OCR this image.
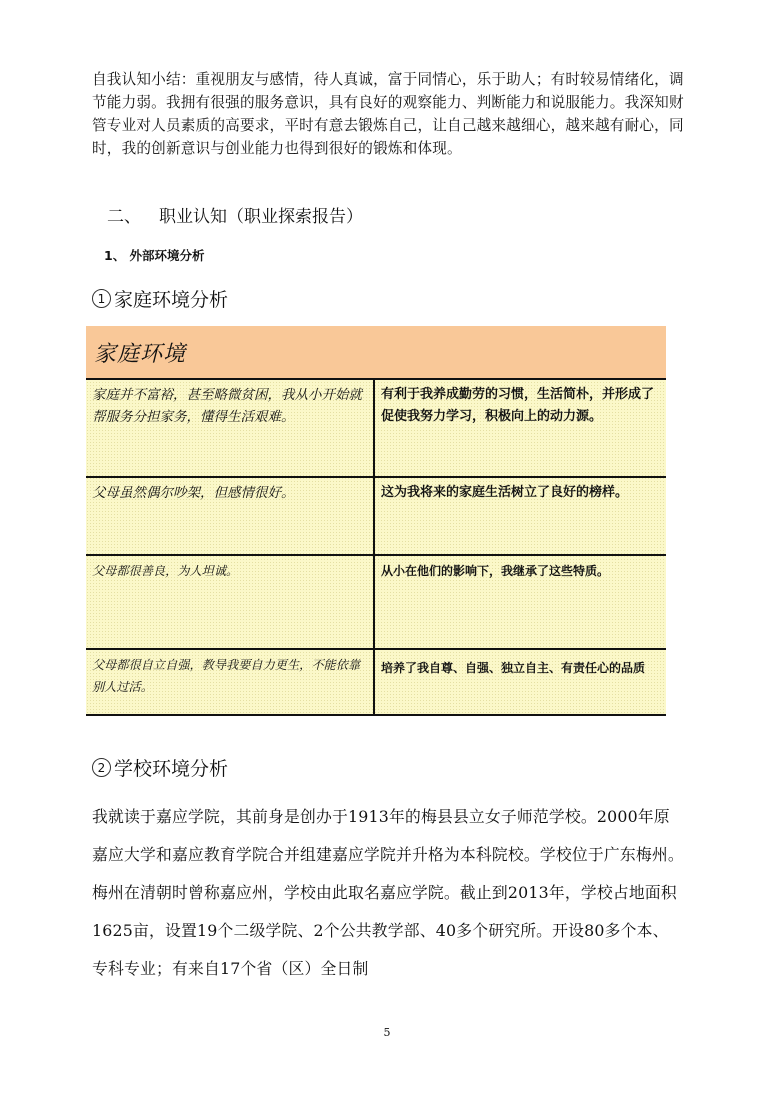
自我认知小结：重视朋友与感情，待人真诚，富于同情心，乐于助人；有时较易情绪化，调节能力弱。我拥有很强的服务意识，具有良好的观察能力、判断能力和说服能力。我深知财管专业对人员素质的高要求，平时有意去锻炼自己，让自己越来越细心，越来越有耐心，同时，我的创新意识与创业能力也得到很好的锻炼和体现。

二、 职业认知（职业探索报告）
1、 外部环境分析
1 家庭环境分析
家庭环境
家庭并不富裕，甚至略微贫困，我从小开始就帮服务分担家务，懂得生活艰难。
有利于我养成勤劳的习惯，生活简朴，并形成了促使我努力学习，积极向上的动力源。
父母虽然偶尔吵架，但感情很好。	这为我将来的家庭生活树立了良好的榜样。
父母都很善良，为人坦诚。	从小在他们的影响下，我继承了这些特质。
父母都很自立自强，教导我要自力更生，不能依靠别人过活。
培养了我自尊、自强、独立自主、有责任心的品质
2 学校环境分析

我就读于嘉应学院，其前身是创办于1913年的梅县县立女子师范学校。2000年原嘉应大学和嘉应教育学院合并组建嘉应学院并升格为本科院校。学校位于广东梅州。梅州在清朝时曾称嘉应州，学校由此取名嘉应学院。截止到2013年，学校占地面积1625亩，设置19个二级学院、2个公共教学部、40多个研究所。开设80多个本、专科专业；有来自17个省（区）全日制

5
